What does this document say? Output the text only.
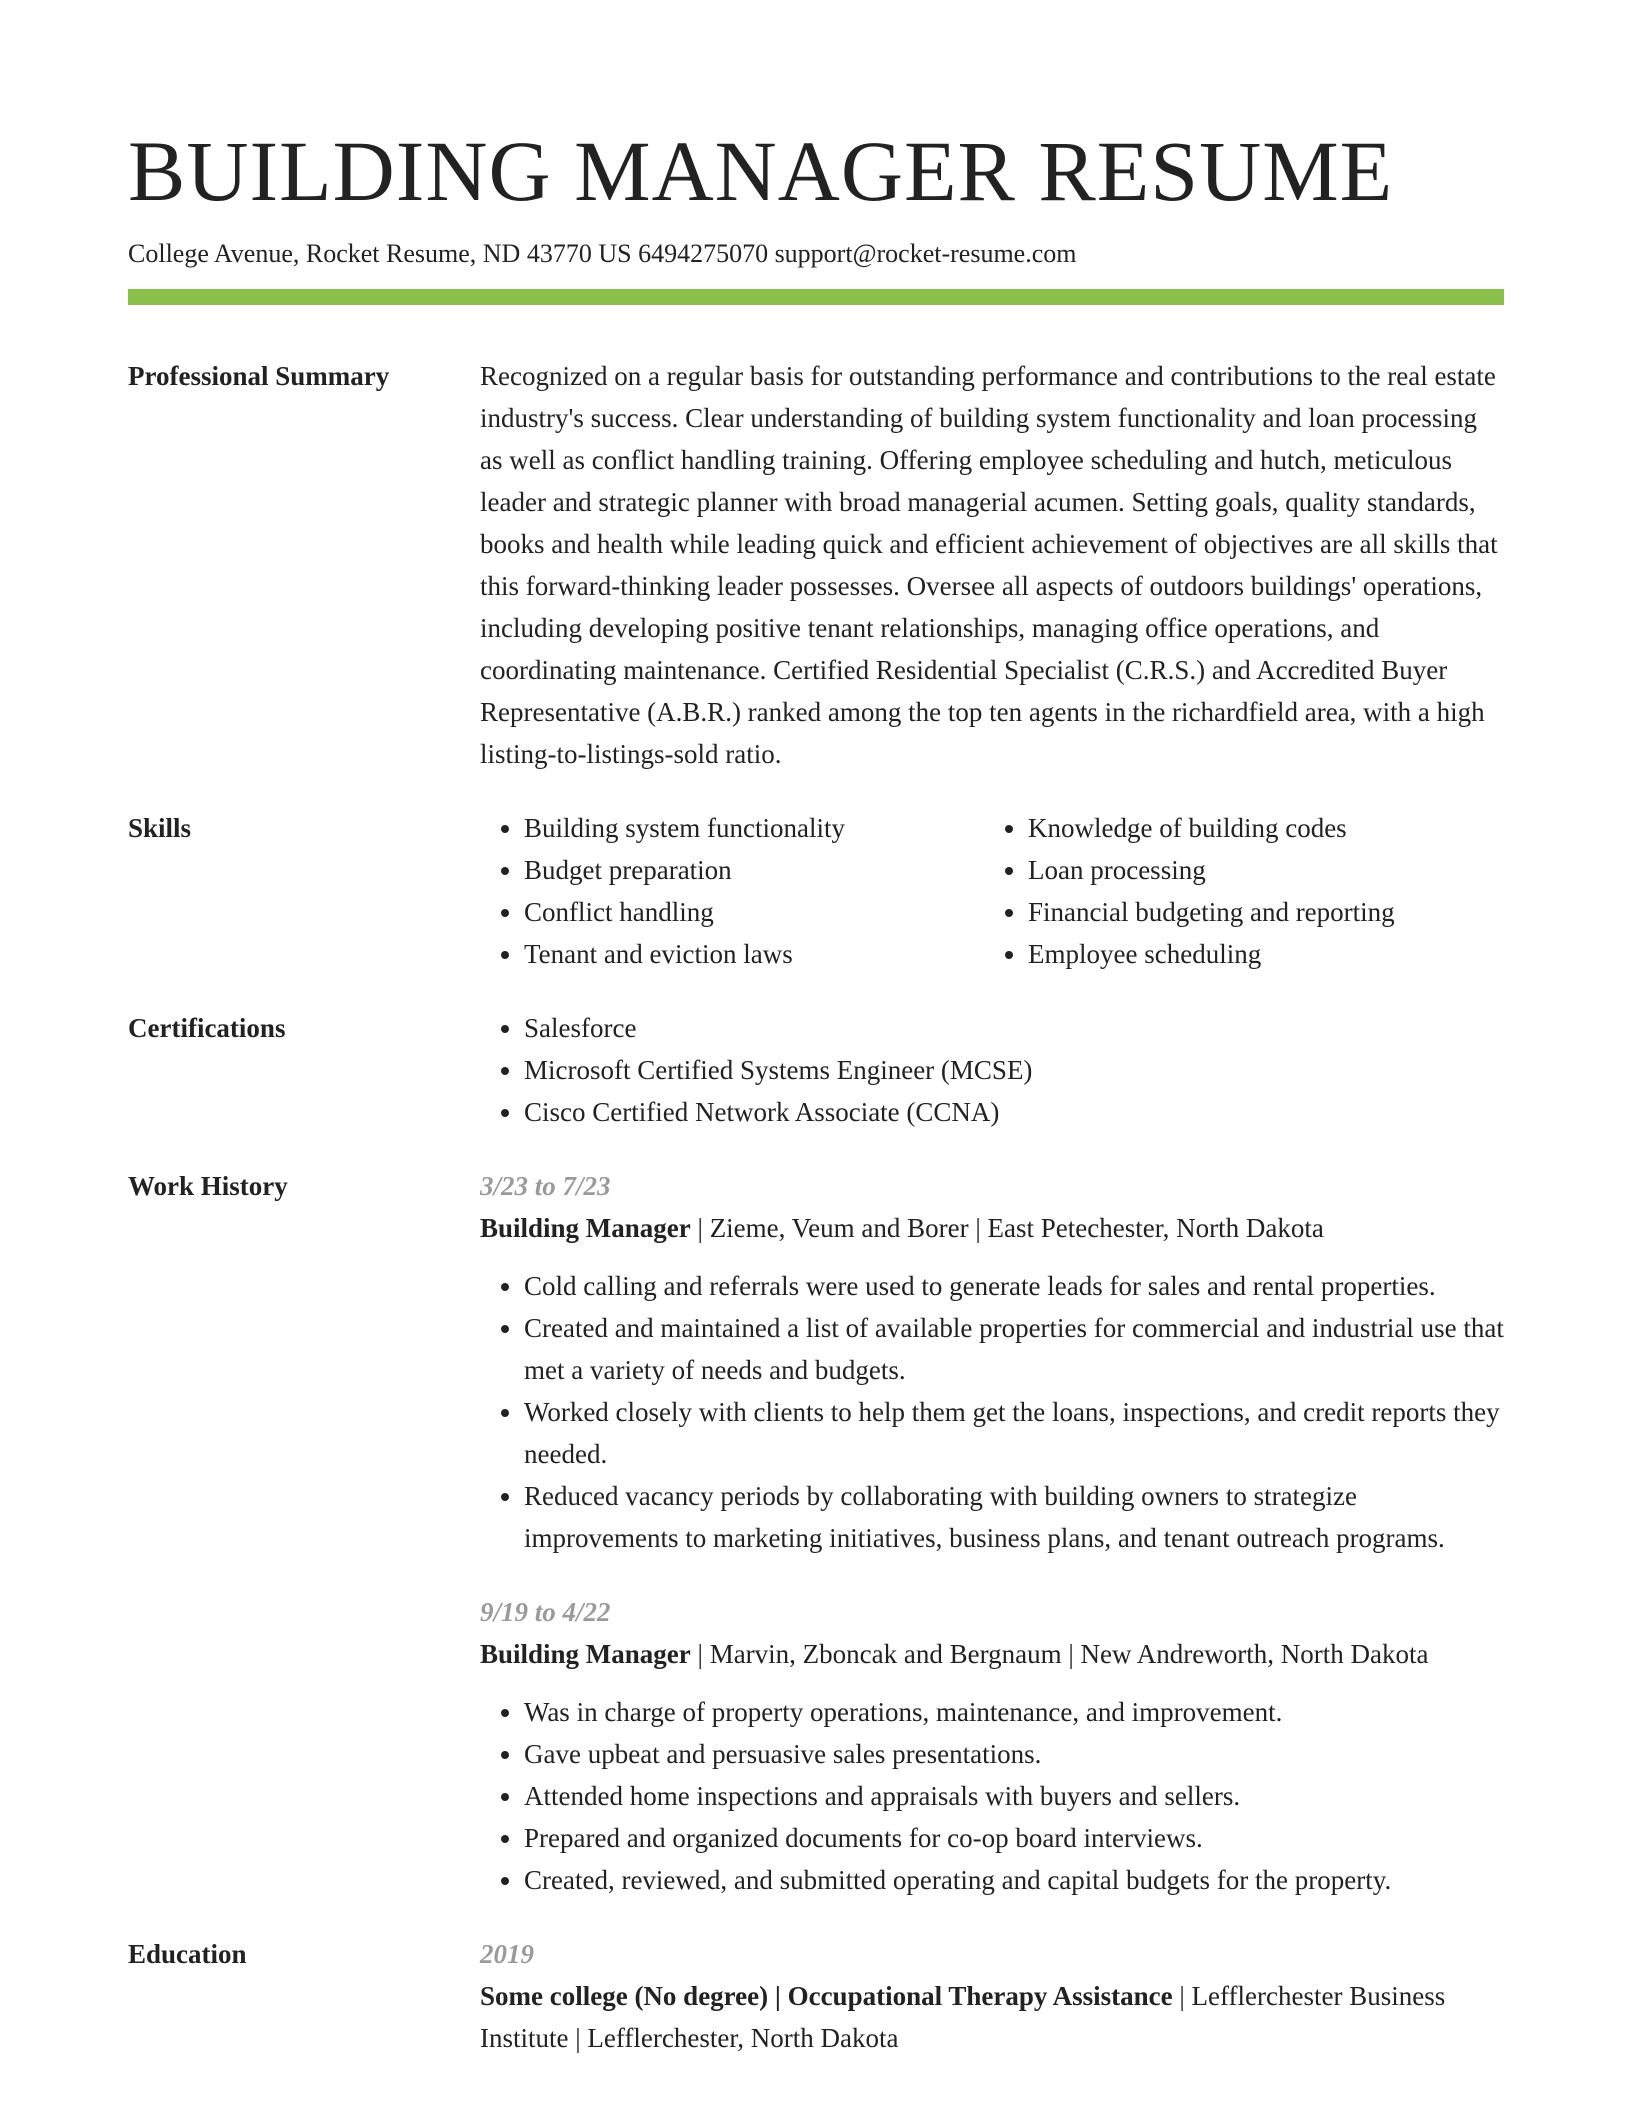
BUILDING MANAGER RESUME
College Avenue, Rocket Resume, ND 43770 US 6494275070 support@rocket-resume.com
Professional Summary	Recognized on a regular basis for outstanding performance and contributions to the real estate industry's success. Clear understanding of building system functionality and loan processing as well as conflict handling training. Offering employee scheduling and hutch, meticulous leader and strategic planner with broad managerial acumen. Setting goals, quality standards, books and health while leading quick and efficient achievement of objectives are all skills that this forward-thinking leader possesses. Oversee all aspects of outdoors buildings' operations, including developing positive tenant relationships, managing office operations, and coordinating maintenance. Certified Residential Specialist (C.R.S.) and Accredited Buyer Representative (A.B.R.) ranked among the top ten agents in the richardfield area, with a high listing-to-listings-sold ratio.

Skills	• Building system functionality
• Budget preparation
• Conflict handling
• Tenant and eviction laws
• Knowledge of building codes
• Loan processing
• Financial budgeting and reporting
• Employee scheduling
Certifications	• Salesforce
• Microsoft Certified Systems Engineer (MCSE)
• Cisco Certified Network Associate (CCNA)
Work History	3/23 to 7/23
Building Manager | Zieme, Veum and Borer | East Petechester, North Dakota
• Cold calling and referrals were used to generate leads for sales and rental properties.
• Created and maintained a list of available properties for commercial and industrial use that met a variety of needs and budgets.
• Worked closely with clients to help them get the loans, inspections, and credit reports they needed.
• Reduced vacancy periods by collaborating with building owners to strategize improvements to marketing initiatives, business plans, and tenant outreach programs.
9/19 to 4/22
Building Manager | Marvin, Zboncak and Bergnaum | New Andreworth, North Dakota
• Was in charge of property operations, maintenance, and improvement.
• Gave upbeat and persuasive sales presentations.
• Attended home inspections and appraisals with buyers and sellers.
• Prepared and organized documents for co-op board interviews.
• Created, reviewed, and submitted operating and capital budgets for the property.
Education	2019
Some college (No degree) | Occupational Therapy Assistance | Lefflerchester Business Institute | Lefflerchester, North Dakota
